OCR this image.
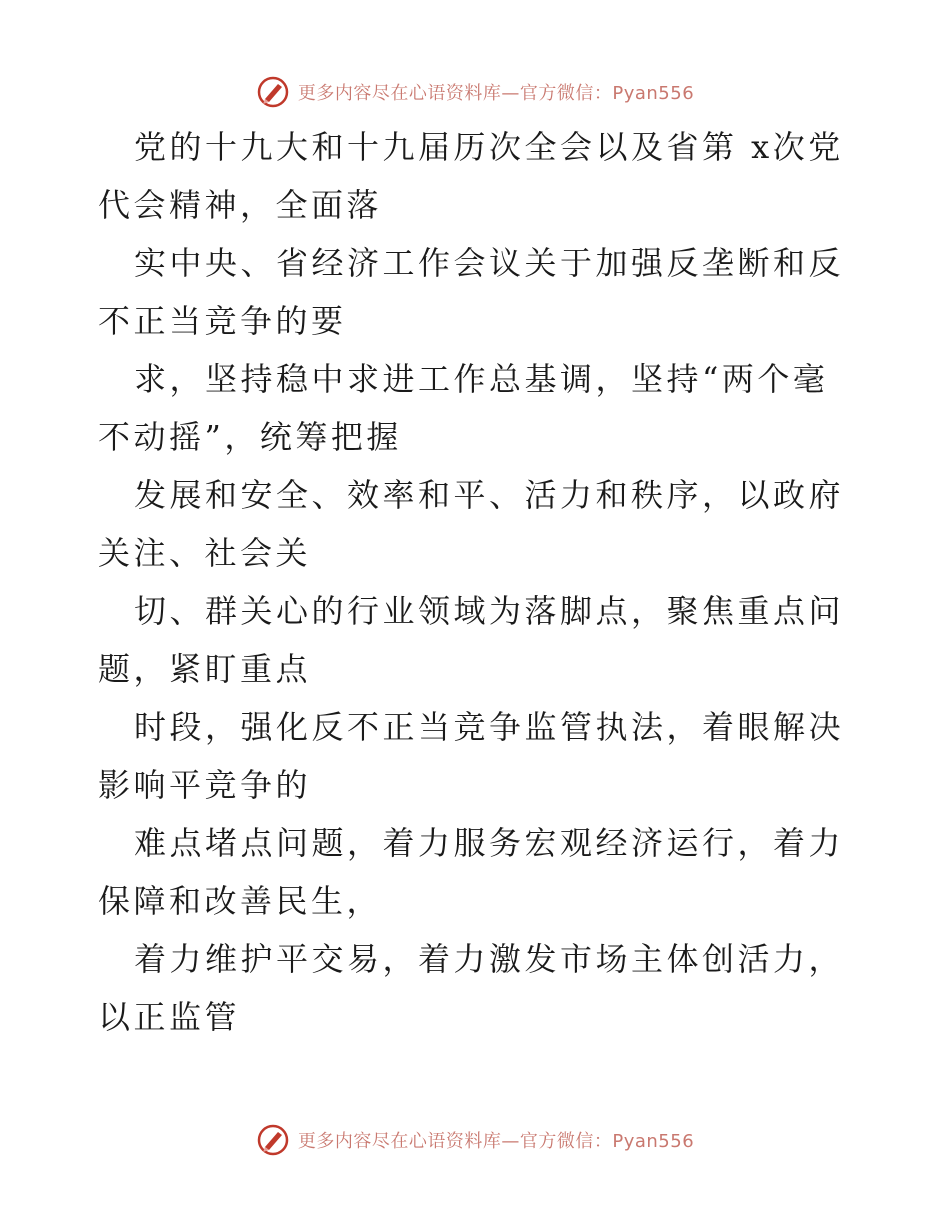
更多内容尽在心语资料库—官方微信：Pyan556

党的十九大和十九届历次全会以及省第 x次党代会精神，全面落

实中央、省经济工作会议关于加强反垄断和反不正当竞争的要

求，坚持稳中求进工作总基调，坚持“两个毫不动摇”，统筹把握

发展和安全、效率和平、活力和秩序，以政府关注、社会关

切、群关心的行业领域为落脚点，聚焦重点问题，紧盯重点

时段，强化反不正当竞争监管执法，着眼解决影响平竞争的

难点堵点问题，着力服务宏观经济运行，着力保障和改善民生，

着力维护平交易，着力激发市场主体创活力，以正监管

更多内容尽在心语资料库—官方微信：Pyan556
